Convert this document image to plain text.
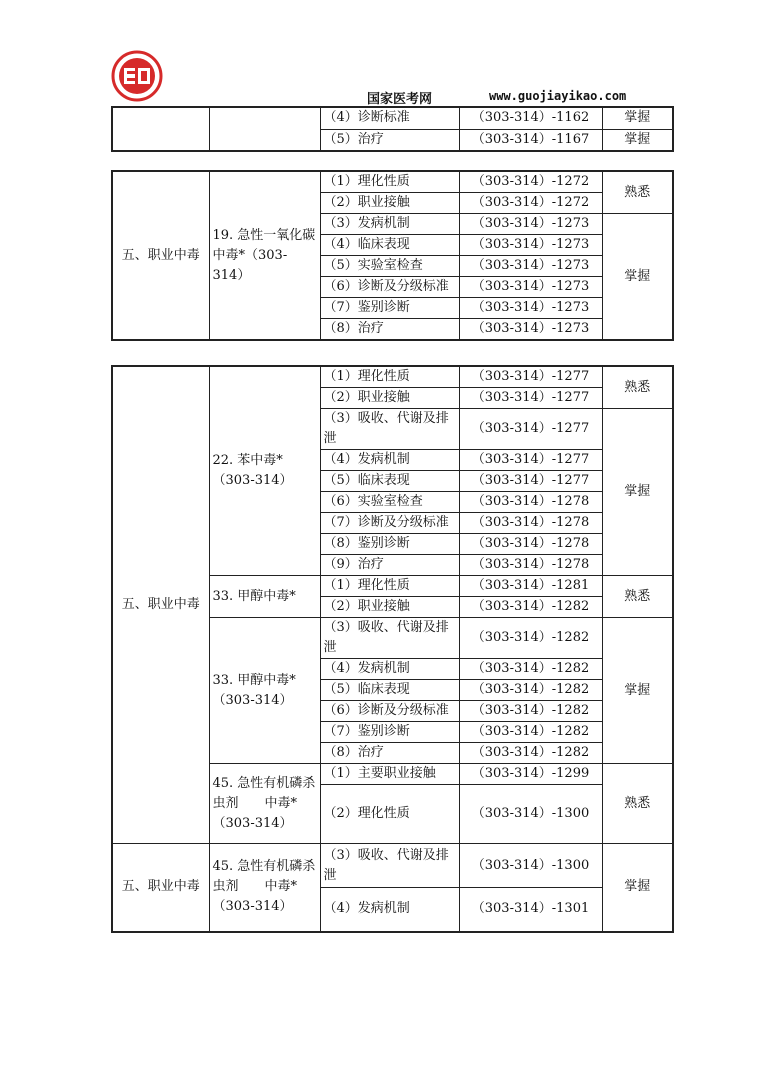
国家医考网	www.guojiayikao.com
		（4）诊断标准	（303-314）-1162	掌握
		（5）治疗	（303-314）-1167	掌握
五、职业中毒	19. 急性一氧化碳中毒*（303-314）	（1）理化性质	（303-314）-1272	熟悉
		（2）职业接触	（303-314）-1272	
		（3）发病机制	（303-314）-1273	掌握
		（4）临床表现	（303-314）-1273	
		（5）实验室检查	（303-314）-1273	
		（6）诊断及分级标准	（303-314）-1273	
		（7）鉴别诊断	（303-314）-1273	
		（8）治疗	（303-314）-1273	
五、职业中毒	22. 苯中毒*（303-314）	（1）理化性质	（303-314）-1277	熟悉
		（2）职业接触	（303-314）-1277	
		（3）吸收、代谢及排泄	（303-314）-1277	掌握
		（4）发病机制	（303-314）-1277	
		（5）临床表现	（303-314）-1277	
		（6）实验室检查	（303-314）-1278	
		（7）诊断及分级标准	（303-314）-1278	
		（8）鉴别诊断	（303-314）-1278	
		（9）治疗	（303-314）-1278	
	33. 甲醇中毒*	（1）理化性质	（303-314）-1281	熟悉
		（2）职业接触	（303-314）-1282	
	33. 甲醇中毒*（303-314）	（3）吸收、代谢及排泄	（303-314）-1282	掌握
		（4）发病机制	（303-314）-1282	
		（5）临床表现	（303-314）-1282	
		（6）诊断及分级标准	（303-314）-1282	
		（7）鉴别诊断	（303-314）-1282	
		（8）治疗	（303-314）-1282	
	45. 急性有机磷杀虫剂　　中毒*（303-314）	（1）主要职业接触	（303-314）-1299	熟悉
		（2）理化性质	（303-314）-1300	
五、职业中毒	45. 急性有机磷杀虫剂　　中毒*（303-314）	（3）吸收、代谢及排泄	（303-314）-1300	掌握
		（4）发病机制	（303-314）-1301	
